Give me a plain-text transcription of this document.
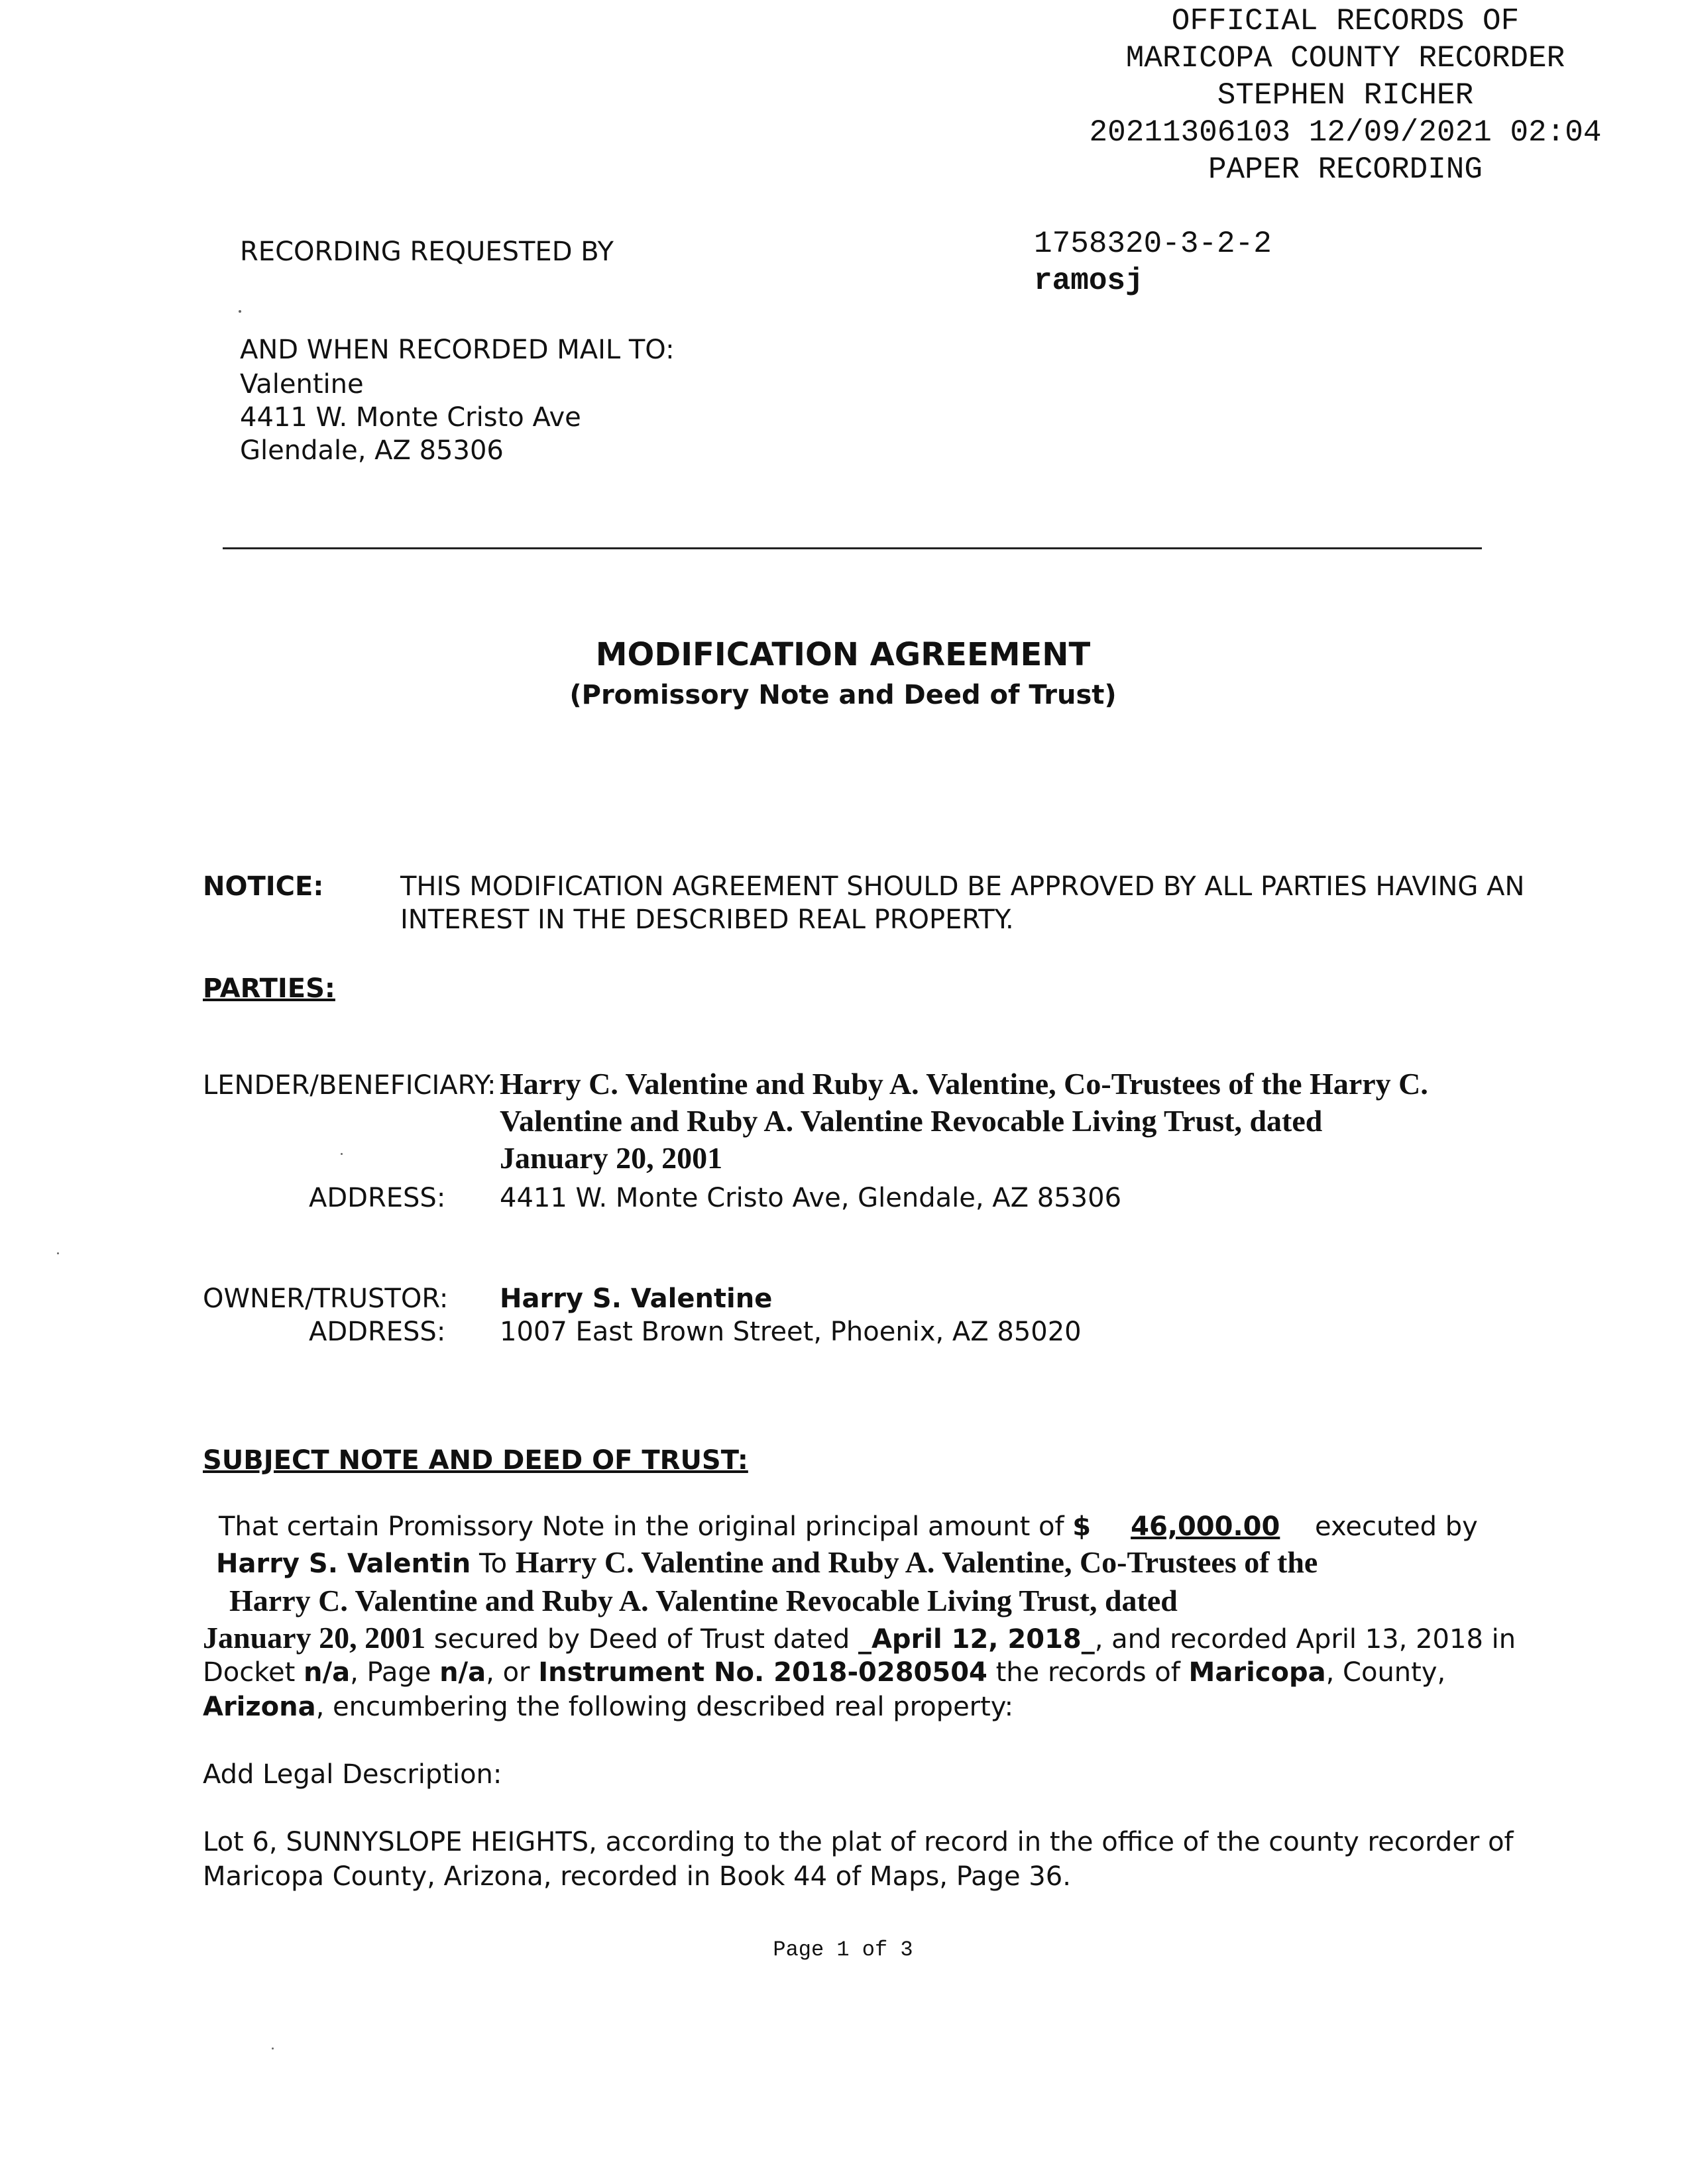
OFFICIAL RECORDS OF
MARICOPA COUNTY RECORDER
STEPHEN RICHER
20211306103 12/09/2021 02:04
PAPER RECORDING
1758320-3-2-2
ramosj
RECORDING REQUESTED BY
AND WHEN RECORDED MAIL TO:
Valentine
4411 W. Monte Cristo Ave
Glendale, AZ 85306
MODIFICATION AGREEMENT
(Promissory Note and Deed of Trust)
NOTICE:	THIS MODIFICATION AGREEMENT SHOULD BE APPROVED BY ALL PARTIES HAVING AN
INTEREST IN THE DESCRIBED REAL PROPERTY.
PARTIES:
LENDER/BENEFICIARY: Harry C. Valentine and Ruby A. Valentine, Co-Trustees of the Harry C.
Valentine and Ruby A. Valentine Revocable Living Trust, dated
January 20, 2001
ADDRESS: 4411 W. Monte Cristo Ave, Glendale, AZ 85306
OWNER/TRUSTOR: Harry S. Valentine
ADDRESS: 1007 East Brown Street, Phoenix, AZ 85020
SUBJECT NOTE AND DEED OF TRUST:
That certain Promissory Note in the original principal amount of $ 46,000.00 executed by
Harry S. Valentin To Harry C. Valentine and Ruby A. Valentine, Co-Trustees of the
Harry C. Valentine and Ruby A. Valentine Revocable Living Trust, dated
January 20, 2001 secured by Deed of Trust dated _April 12, 2018_, and recorded April 13, 2018 in
Docket n/a, Page n/a, or Instrument No. 2018-0280504 the records of Maricopa, County,
Arizona, encumbering the following described real property:
Add Legal Description:
Lot 6, SUNNYSLOPE HEIGHTS, according to the plat of record in the office of the county recorder of
Maricopa County, Arizona, recorded in Book 44 of Maps, Page 36.
Page 1 of 3
